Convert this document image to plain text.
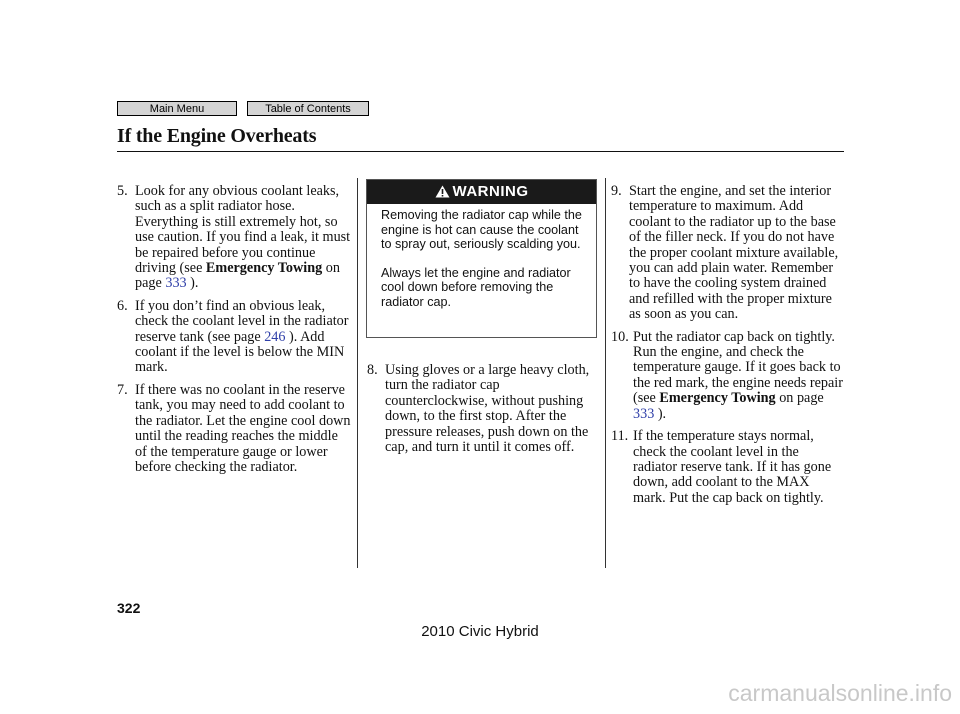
Main Menu	Table of Contents
If the Engine Overheats
5. Look for any obvious coolant leaks, such as a split radiator hose. Everything is still extremely hot, so use caution. If you find a leak, it must be repaired before you continue driving (see Emergency Towing on page 333 ).
6. If you don’t find an obvious leak, check the coolant level in the radiator reserve tank (see page 246 ). Add coolant if the level is below the MIN mark.
7. If there was no coolant in the reserve tank, you may need to add coolant to the radiator. Let the engine cool down until the reading reaches the middle of the temperature gauge or lower before checking the radiator.
WARNING

Removing the radiator cap while the engine is hot can cause the coolant to spray out, seriously scalding you.

Always let the engine and radiator cool down before removing the radiator cap.

8. Using gloves or a large heavy cloth, turn the radiator cap counterclockwise, without pushing down, to the first stop. After the pressure releases, push down on the cap, and turn it until it comes off.
9. Start the engine, and set the interior temperature to maximum. Add coolant to the radiator up to the base of the filler neck. If you do not have the proper coolant mixture available, you can add plain water. Remember to have the cooling system drained and refilled with the proper mixture as soon as you can.
10. Put the radiator cap back on tightly. Run the engine, and check the temperature gauge. If it goes back to the red mark, the engine needs repair (see Emergency Towing on page 333 ).
11. If the temperature stays normal, check the coolant level in the radiator reserve tank. If it has gone down, add coolant to the MAX mark. Put the cap back on tightly.
322
2010 Civic Hybrid
carmanualsonline.info
